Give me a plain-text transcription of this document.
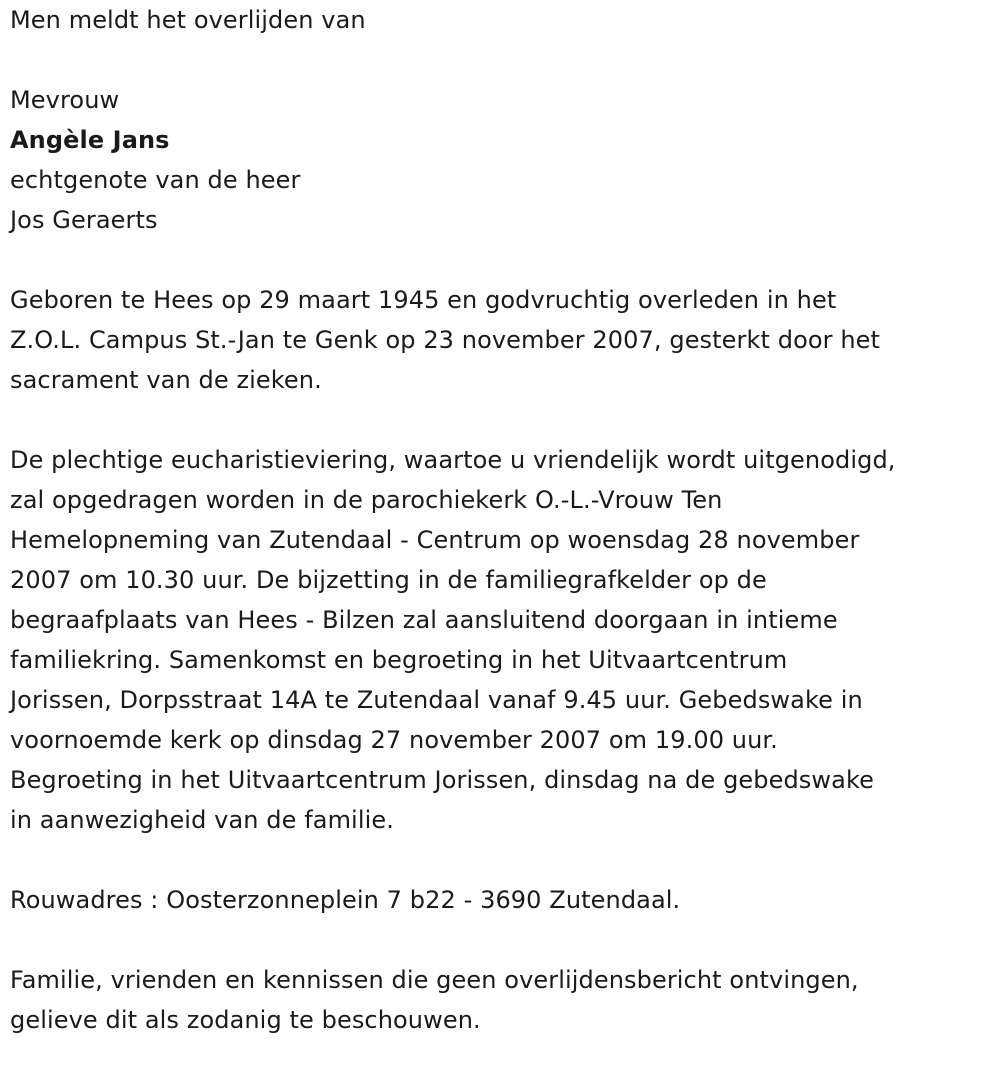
Men meldt het overlijden van

Mevrouw

Angèle Jans

echtgenote van de heer

Jos Geraerts

Geboren te Hees op 29 maart 1945 en godvruchtig overleden in het

Z.O.L. Campus St.-Jan te Genk op 23 november 2007, gesterkt door het

sacrament van de zieken.

De plechtige eucharistieviering, waartoe u vriendelijk wordt uitgenodigd,

zal opgedragen worden in de parochiekerk O.-L.-Vrouw Ten

Hemelopneming van Zutendaal - Centrum op woensdag 28 november

2007 om 10.30 uur. De bijzetting in de familiegrafkelder op de

begraafplaats van Hees - Bilzen zal aansluitend doorgaan in intieme

familiekring. Samenkomst en begroeting in het Uitvaartcentrum

Jorissen, Dorpsstraat 14A te Zutendaal vanaf 9.45 uur. Gebedswake in

voornoemde kerk op dinsdag 27 november 2007 om 19.00 uur.

Begroeting in het Uitvaartcentrum Jorissen, dinsdag na de gebedswake

in aanwezigheid van de familie.

Rouwadres : Oosterzonneplein 7 b22 - 3690 Zutendaal.

Familie, vrienden en kennissen die geen overlijdensbericht ontvingen,

gelieve dit als zodanig te beschouwen.
